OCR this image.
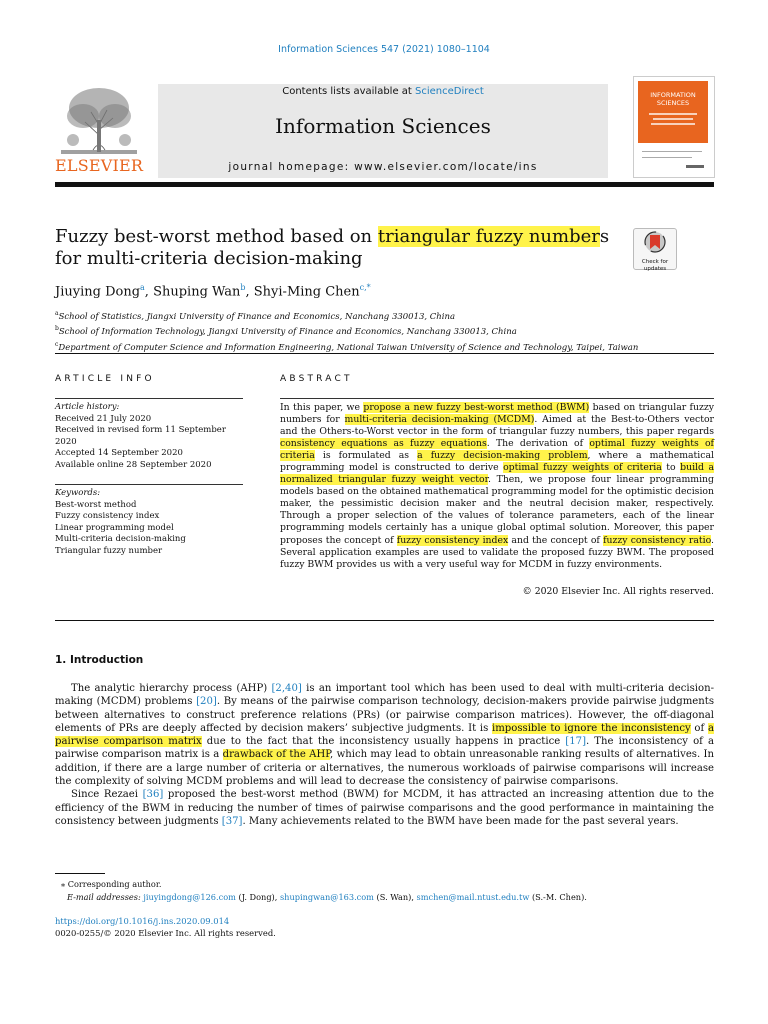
Information Sciences 547 (2021) 1080–1104
ELSEVIER
Contents lists available at ScienceDirect
Information Sciences
journal homepage: www.elsevier.com/locate/ins
INFORMATION SCIENCES
Fuzzy best-worst method based on triangular fuzzy numbers
for multi-criteria decision-making	Check for updates
Jiuying Dong$^a$, Shuping Wan$^b$, Shyi-Ming Chen$^{c,*}$
$^a$School of Statistics, Jiangxi University of Finance and Economics, Nanchang 330013, China
$^b$School of Information Technology, Jiangxi University of Finance and Economics, Nanchang 330013, China
$^c$Department of Computer Science and Information Engineering, National Taiwan University of Science and Technology, Taipei, Taiwan
ARTICLE INFO	ABSTRACT
Article history:
Received 21 July 2020
Received in revised form 11 September 2020
Accepted 14 September 2020
Available online 28 September 2020
Keywords:
Best-worst method
Fuzzy consistency index
Linear programming model
Multi-criteria decision-making
Triangular fuzzy number
In this paper, we propose a new fuzzy best-worst method (BWM) based on triangular fuzzy numbers for multi-criteria decision-making (MCDM). Aimed at the Best-to-Others vector and the Others-to-Worst vector in the form of triangular fuzzy numbers, this paper regards consistency equations as fuzzy equations. The derivation of optimal fuzzy weights of criteria is formulated as a fuzzy decision-making problem, where a mathematical programming model is constructed to derive optimal fuzzy weights of criteria to build a normalized triangular fuzzy weight vector. Then, we propose four linear programming models based on the obtained mathematical programming model for the optimistic decision maker, the pessimistic decision maker and the neutral decision maker, respectively. Through a proper selection of the values of tolerance parameters, each of the linear programming models certainly has a unique global optimal solution. Moreover, this paper proposes the concept of fuzzy consistency index and the concept of fuzzy consistency ratio. Several application examples are used to validate the proposed fuzzy BWM. The proposed fuzzy BWM provides us with a very useful way for MCDM in fuzzy environments.
© 2020 Elsevier Inc. All rights reserved.
1. Introduction

The analytic hierarchy process (AHP) [2,40] is an important tool which has been used to deal with multi-criteria decision-making (MCDM) problems [20]. By means of the pairwise comparison technology, decision-makers provide pairwise judgments between alternatives to construct preference relations (PRs) (or pairwise comparison matrices). However, the off-diagonal elements of PRs are deeply affected by decision makers’ subjective judgments. It is impossible to ignore the inconsistency of a pairwise comparison matrix due to the fact that the inconsistency usually happens in practice [17]. The inconsistency of a pairwise comparison matrix is a drawback of the AHP, which may lead to obtain unreasonable ranking results of alternatives. In addition, if there are a large number of criteria or alternatives, the numerous workloads of pairwise comparisons will increase the complexity of solving MCDM problems and will lead to decrease the consistency of pairwise comparisons.

Since Rezaei [36] proposed the best-worst method (BWM) for MCDM, it has attracted an increasing attention due to the efficiency of the BWM in reducing the number of times of pairwise comparisons and the good performance in maintaining the consistency between judgments [37]. Many achievements related to the BWM have been made for the past several years.

⁎ Corresponding author.
E-mail addresses: jiuyingdong@126.com (J. Dong), shupingwan@163.com (S. Wan), smchen@mail.ntust.edu.tw (S.-M. Chen).
https://doi.org/10.1016/j.ins.2020.09.014
0020-0255/© 2020 Elsevier Inc. All rights reserved.
